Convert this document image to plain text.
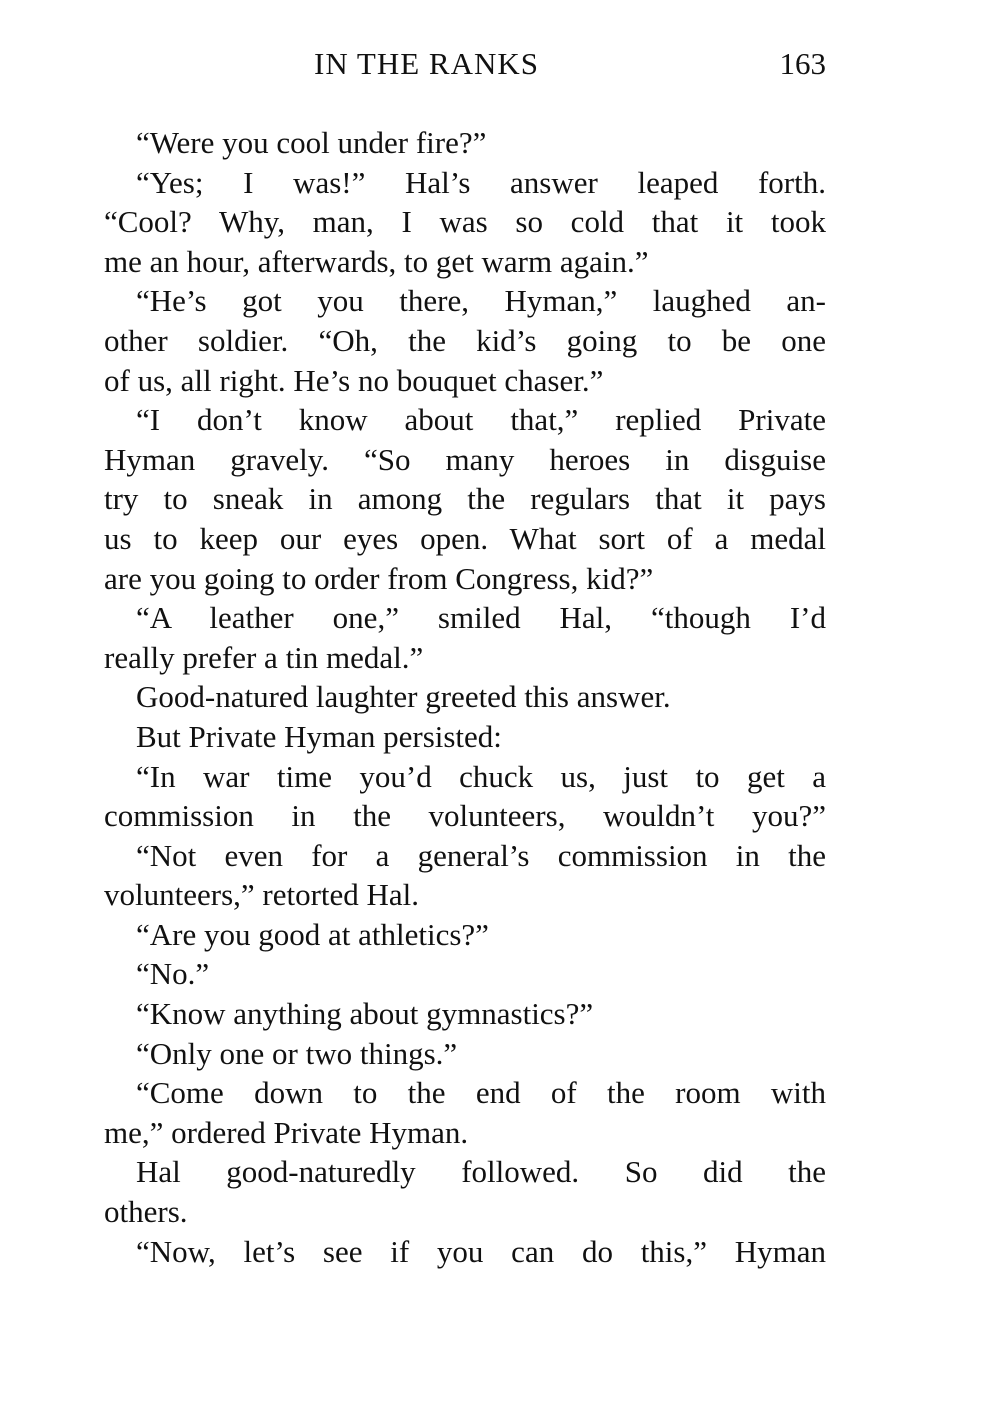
IN THE RANKS	163

“Were you cool under fire?”

“Yes; I was!” Hal’s answer leaped forth.

“Cool? Why, man, I was so cold that it took

me an hour, afterwards, to get warm again.”

“He’s got you there, Hyman,” laughed an-

other soldier. “Oh, the kid’s going to be one

of us, all right. He’s no bouquet chaser.”

“I don’t know about that,” replied Private

Hyman gravely. “So many heroes in disguise

try to sneak in among the regulars that it pays

us to keep our eyes open. What sort of a medal

are you going to order from Congress, kid?”

“A leather one,” smiled Hal, “though I’d

really prefer a tin medal.”

Good-natured laughter greeted this answer.

But Private Hyman persisted:

“In war time you’d chuck us, just to get a

commission in the volunteers, wouldn’t you?”

“Not even for a general’s commission in the

volunteers,” retorted Hal.

“Are you good at athletics?”

“No.”

“Know anything about gymnastics?”

“Only one or two things.”

“Come down to the end of the room with

me,” ordered Private Hyman.

Hal good-naturedly followed. So did the

others.

“Now, let’s see if you can do this,” Hyman
